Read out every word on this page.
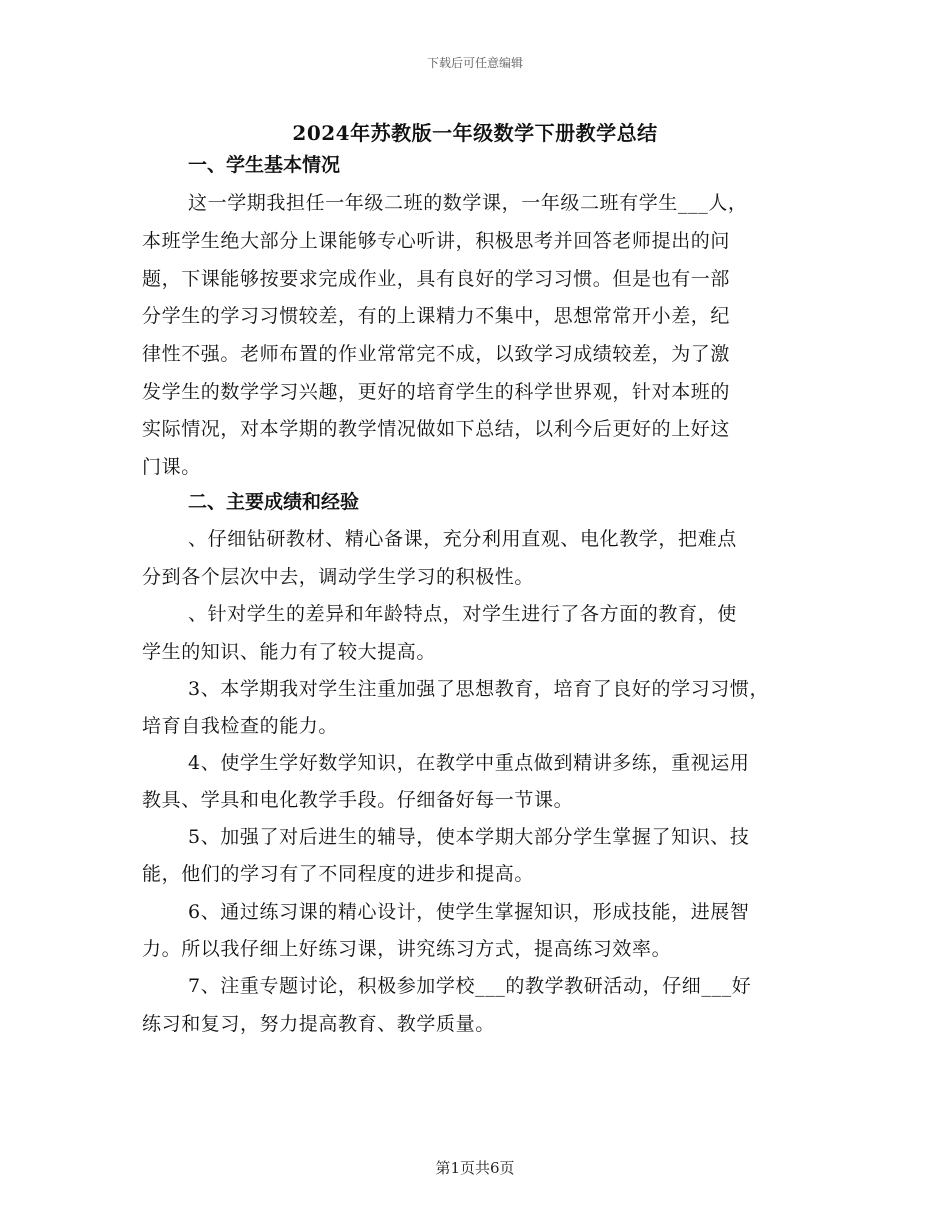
下载后可任意编辑
2024年苏教版一年级数学下册教学总结
一、学生基本情况
这一学期我担任一年级二班的数学课，一年级二班有学生___人，
本班学生绝大部分上课能够专心听讲，积极思考并回答老师提出的问
题，下课能够按要求完成作业，具有良好的学习习惯。但是也有一部
分学生的学习习惯较差，有的上课精力不集中，思想常常开小差，纪
律性不强。老师布置的作业常常完不成，以致学习成绩较差，为了激
发学生的数学学习兴趣，更好的培育学生的科学世界观，针对本班的
实际情况，对本学期的教学情况做如下总结，以利今后更好的上好这
门课。
二、主要成绩和经验
、仔细钻研教材、精心备课，充分利用直观、电化教学，把难点
分到各个层次中去，调动学生学习的积极性。
、针对学生的差异和年龄特点，对学生进行了各方面的教育，使
学生的知识、能力有了较大提高。
3、本学期我对学生注重加强了思想教育，培育了良好的学习习惯，
培育自我检查的能力。
4、使学生学好数学知识，在教学中重点做到精讲多练，重视运用
教具、学具和电化教学手段。仔细备好每一节课。
5、加强了对后进生的辅导，使本学期大部分学生掌握了知识、技
能，他们的学习有了不同程度的进步和提高。
6、通过练习课的精心设计，使学生掌握知识，形成技能，进展智
力。所以我仔细上好练习课，讲究练习方式，提高练习效率。
7、注重专题讨论，积极参加学校___的教学教研活动，仔细___好
练习和复习，努力提高教育、教学质量。
第1页共6页
